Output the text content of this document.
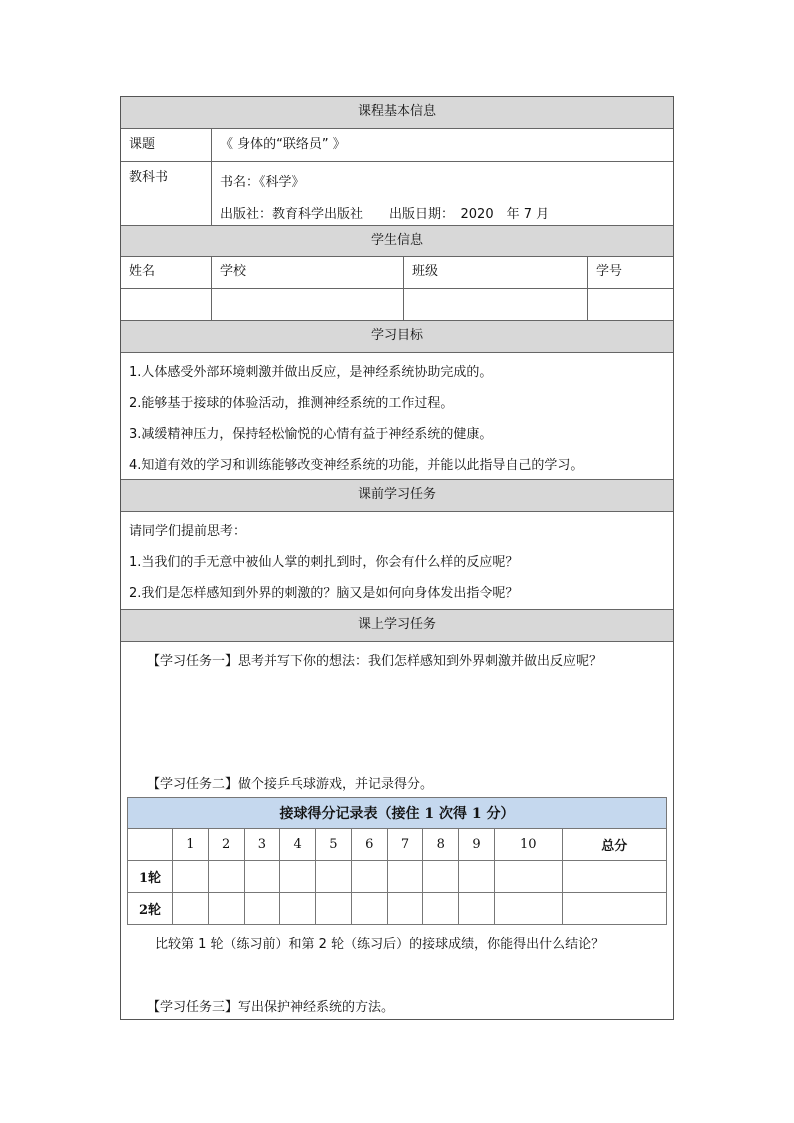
课程基本信息
课题	《 身体的“联络员” 》
教科书	书名：《科学》
出版社：教育科学出版社　　出版日期：　2020　年 7 月
学生信息
姓名	学校	班级	学号
学习目标
1.人体感受外部环境刺激并做出反应，是神经系统协助完成的。
2.能够基于接球的体验活动，推测神经系统的工作过程。
3.减缓精神压力，保持轻松愉悦的心情有益于神经系统的健康。
4.知道有效的学习和训练能够改变神经系统的功能，并能以此指导自己的学习。
课前学习任务
请同学们提前思考：
1.当我们的手无意中被仙人掌的刺扎到时，你会有什么样的反应呢？
2.我们是怎样感知到外界的刺激的？脑又是如何向身体发出指令呢？
课上学习任务
【学习任务一】思考并写下你的想法：我们怎样感知到外界刺激并做出反应呢？
【学习任务二】做个接乒乓球游戏，并记录得分。
接球得分记录表（接住 1 次得 1 分）											
	1	2	3	4	5	6	7	8	9	10	总分
1轮											
2轮											
比较第 1 轮（练习前）和第 2 轮（练习后）的接球成绩，你能得出什么结论？
【学习任务三】写出保护神经系统的方法。
